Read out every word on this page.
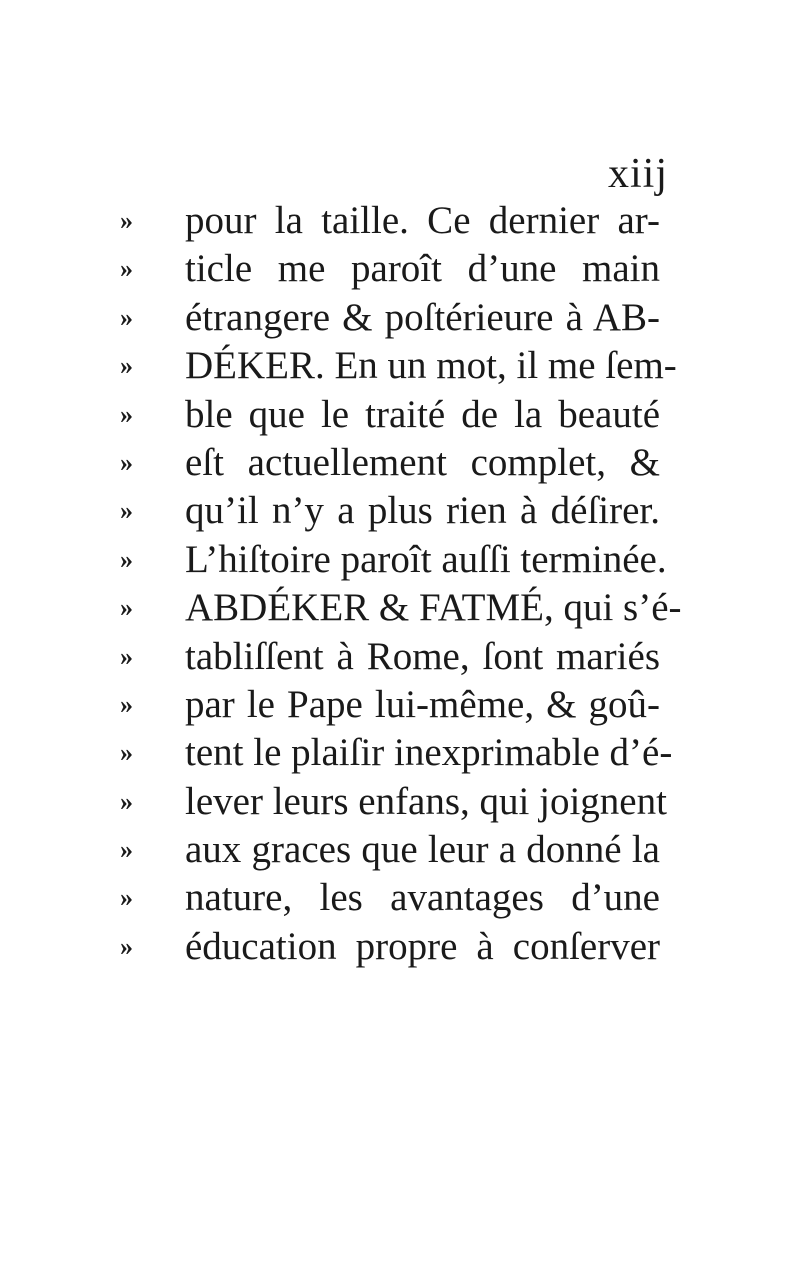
xiij
»	pour la taille. Ce dernier ar-
»	ticle me paroît d’une main
»	étrangere & poſtérieure à AB-
»	DÉKER. En un mot, il me ſem-
»	ble que le traité de la beauté
»	eſt actuellement complet, &
»	qu’il n’y a plus rien à déſirer.
»	L’hiſtoire paroît auſſi terminée.
»	ABDÉKER & FATMÉ, qui s’é-
»	tabliſſent à Rome, ſont mariés
»	par le Pape lui-même, & goû-
»	tent le plaiſir inexprimable d’é-
»	lever leurs enfans, qui joignent
»	aux graces que leur a donné la
»	nature, les avantages d’une
»	éducation propre à conſerver
